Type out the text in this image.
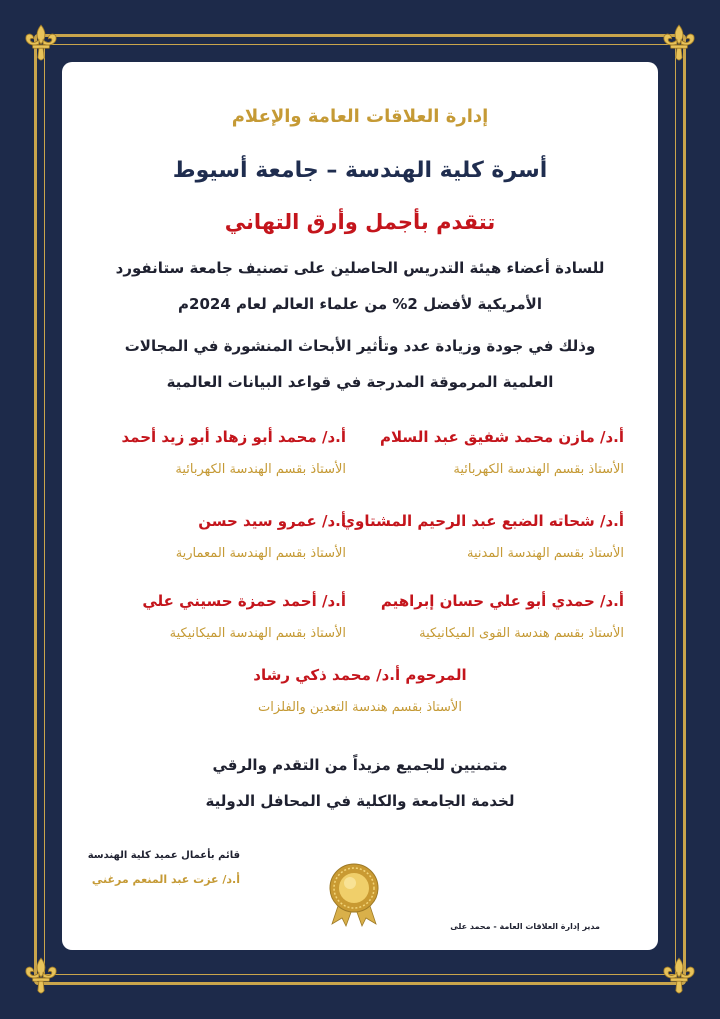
إدارة العلاقات العامة والإعلام
أسرة كلية الهندسة – جامعة أسيوط
تتقدم بأجمل وأرق التهاني
للسادة أعضاء هيئة التدريس الحاصلين على تصنيف جامعة ستانفورد
الأمريكية لأفضل 2% من علماء العالم لعام 2024م
وذلك في جودة وزيادة عدد وتأثير الأبحاث المنشورة في المجالات
العلمية المرموقة المدرجة في قواعد البيانات العالمية
أ.د/ مازن محمد شفيق عبد السلام
الأستاذ بقسم الهندسة الكهربائية
أ.د/ محمد أبو زهاد أبو زيد أحمد
الأستاذ بقسم الهندسة الكهربائية
أ.د/ شحاته الضبع عبد الرحيم المشتاوي
الأستاذ بقسم الهندسة المدنية
أ.د/ عمرو سيد حسن
الأستاذ بقسم الهندسة المعمارية
أ.د/ حمدي أبو علي حسان إبراهيم
الأستاذ بقسم هندسة القوى الميكانيكية
أ.د/ أحمد حمزة حسيني علي
الأستاذ بقسم الهندسة الميكانيكية
المرحوم أ.د/ محمد ذكي رشاد
الأستاذ بقسم هندسة التعدين والفلزات
متمنيين للجميع مزيداً من التقدم والرقي
لخدمة الجامعة والكلية في المحافل الدولية
قائم بأعمال عميد كلية الهندسة
أ.د/ عزت عبد المنعم مرغني
مدير إدارة العلاقات العامة - محمد على
